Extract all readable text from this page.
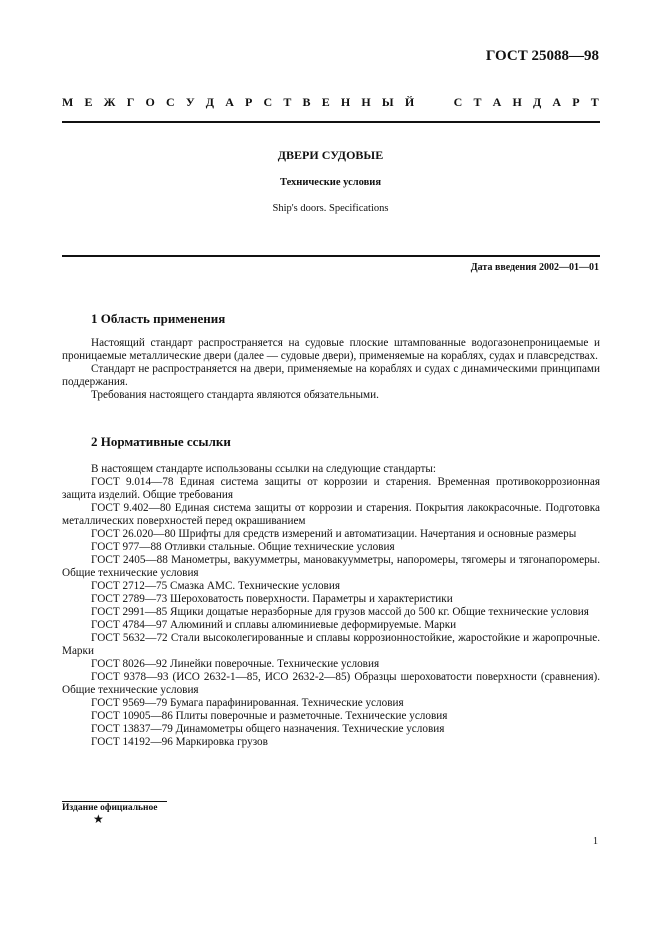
ГОСТ 25088—98
М Е Ж Г О С У Д А Р С Т В Е Н Н Ы Й

	С Т А Н Д А Р Т
ДВЕРИ СУДОВЫЕ
Технические условия
Ship's doors. Specifications
Дата введения 2002—01—01
1 Область применения

Настоящий стандарт распространяется на судовые плоские штампованные водогазонепроницаемые и проницаемые металлические двери (далее — судовые двери), применяемые на кораблях, судах и плавсредствах.

Стандарт не распространяется на двери, применяемые на кораблях и судах с динамическими принципами поддержания.

Требования настоящего стандарта являются обязательными.

2 Нормативные ссылки

В настоящем стандарте использованы ссылки на следующие стандарты:

ГОСТ 9.014—78 Единая система защиты от коррозии и старения. Временная противокоррозионная защита изделий. Общие требования

ГОСТ 9.402—80 Единая система защиты от коррозии и старения. Покрытия лакокрасочные. Подготовка металлических поверхностей перед окрашиванием

ГОСТ 26.020—80 Шрифты для средств измерений и автоматизации. Начертания и основные размеры

ГОСТ 977—88 Отливки стальные. Общие технические условия

ГОСТ 2405—88 Манометры, вакуумметры, мановакуумметры, напоромеры, тягомеры и тягонапоромеры. Общие технические условия

ГОСТ 2712—75 Смазка АМС. Технические условия

ГОСТ 2789—73 Шероховатость поверхности. Параметры и характеристики

ГОСТ 2991—85 Ящики дощатые неразборные для грузов массой до 500 кг. Общие технические условия

ГОСТ 4784—97 Алюминий и сплавы алюминиевые деформируемые. Марки

ГОСТ 5632—72 Стали высоколегированные и сплавы коррозионностойкие, жаростойкие и жаропрочные. Марки

ГОСТ 8026—92 Линейки поверочные. Технические условия

ГОСТ 9378—93 (ИСО 2632-1—85, ИСО 2632-2—85) Образцы шероховатости поверхности (сравнения). Общие технические условия

ГОСТ 9569—79 Бумага парафинированная. Технические условия

ГОСТ 10905—86 Плиты поверочные и разметочные. Технические условия

ГОСТ 13837—79 Динамометры общего назначения. Технические условия

ГОСТ 14192—96 Маркировка грузов

Издание официальное
★
1
